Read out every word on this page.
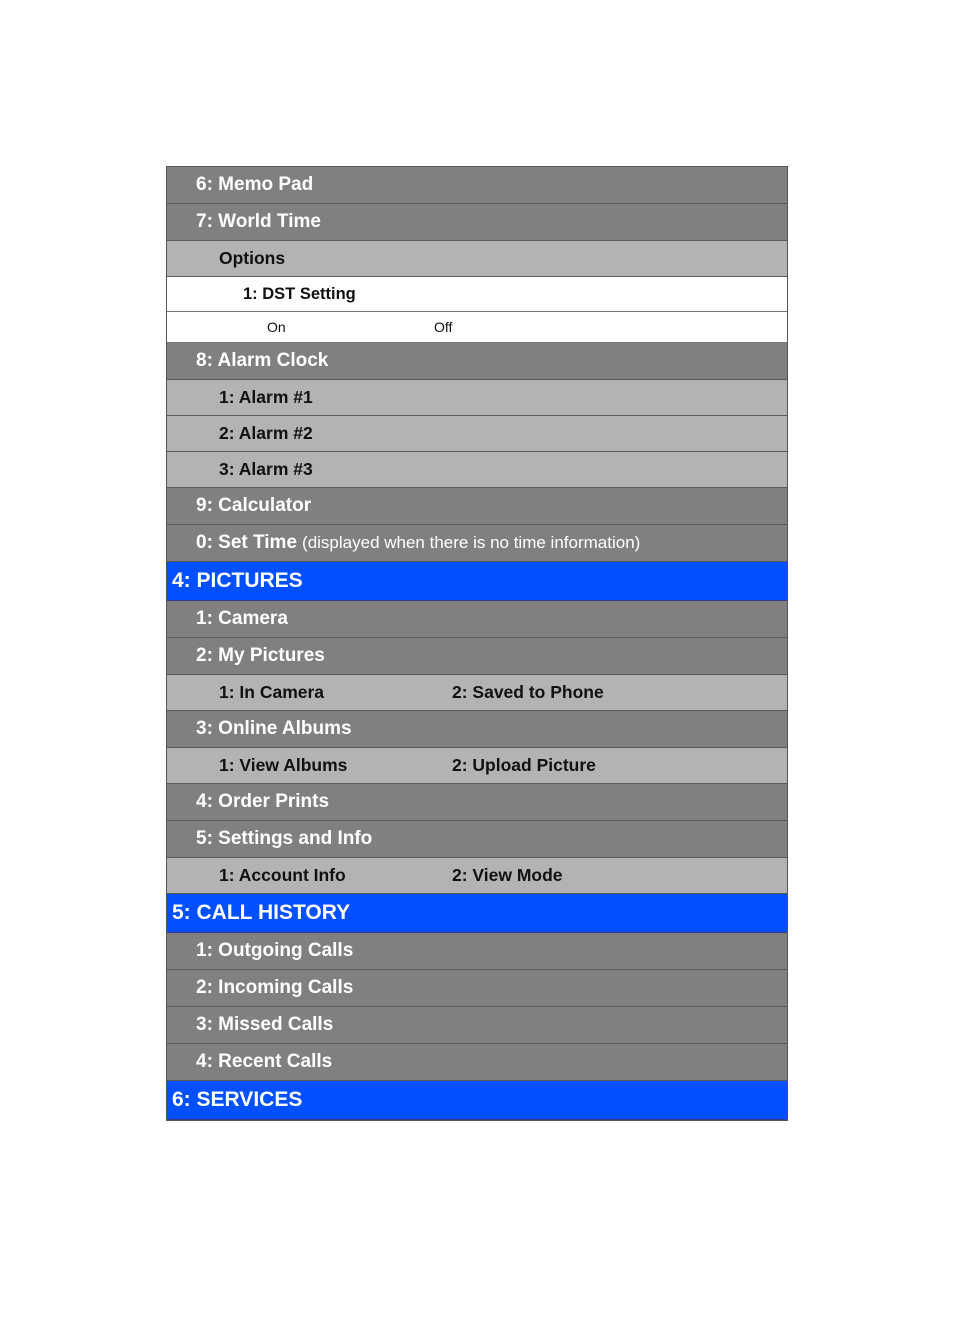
6: Memo Pad
7: World Time
Options
1: DST Setting
On	Off
8: Alarm Clock
1: Alarm #1
2: Alarm #2
3: Alarm #3
9: Calculator
0: Set Time (displayed when there is no time information)
4: PICTURES
1: Camera
2: My Pictures
1: In Camera	2: Saved to Phone
3: Online Albums
1: View Albums	2: Upload Picture
4: Order Prints
5: Settings and Info
1: Account Info	2: View Mode
5: CALL HISTORY
1: Outgoing Calls
2: Incoming Calls
3: Missed Calls
4: Recent Calls
6: SERVICES
